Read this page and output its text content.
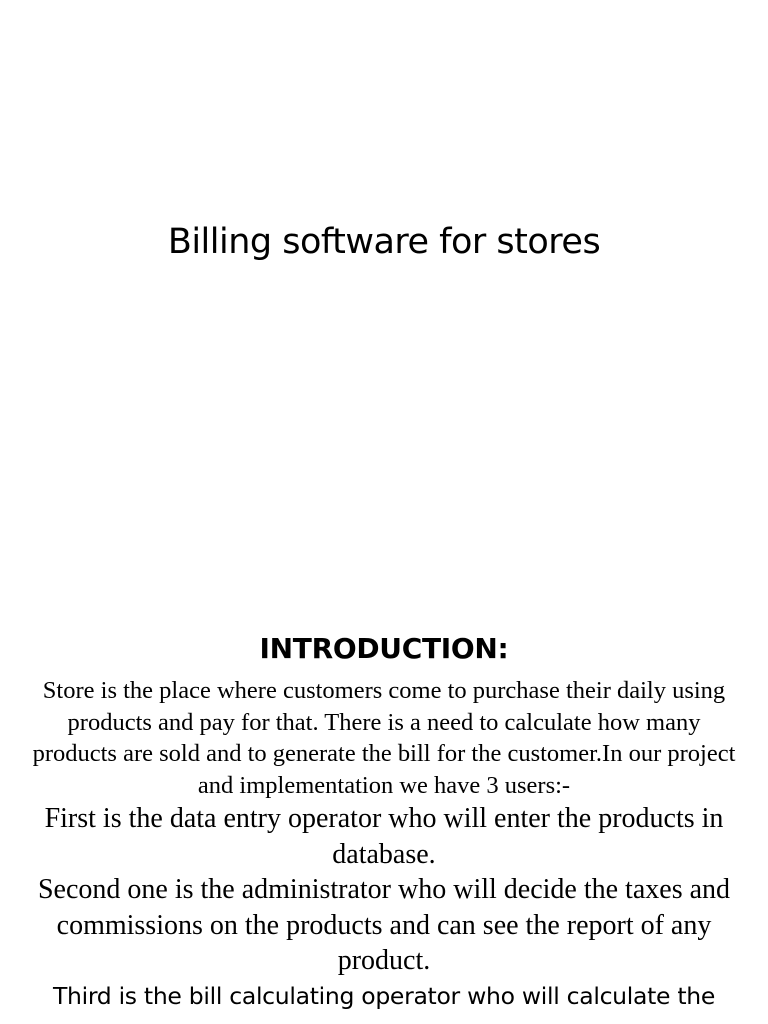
Billing software for stores
INTRODUCTION:

Store is the place where customers come to purchase their daily using products and pay for that. There is a need to calculate how many products are sold and to generate the bill for the customer.In our project and implementation we have 3 users:-

First is the data entry operator who will enter the products in database.

Second one is the administrator who will decide the taxes and commissions on the products and can see the report of any product.

Third is the bill calculating operator who will calculate the
